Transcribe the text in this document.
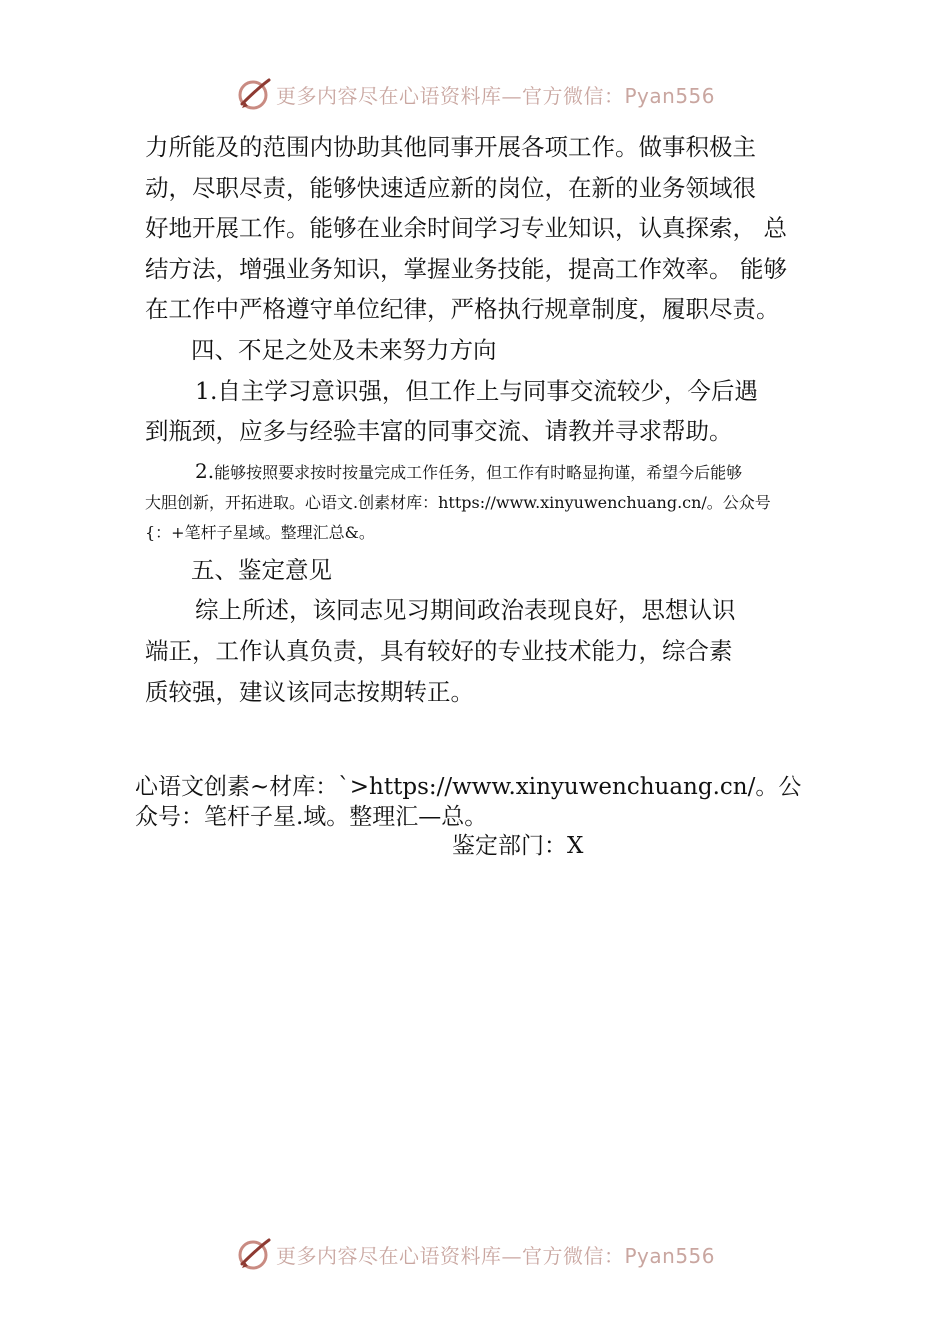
更多内容尽在心语资料库—官方微信：Pyan556

力所能及的范围内协助其他同事开展各项工作。做事积极主

动，尽职尽责，能够快速适应新的岗位，在新的业务领域很

好地开展工作。能够在业余时间学习专业知识，认真探索， 总

结方法，增强业务知识，掌握业务技能，提高工作效率。 能够

在工作中严格遵守单位纪律，严格执行规章制度，履职尽责。

四、不足之处及未来努力方向

1.自主学习意识强，但工作上与同事交流较少，今后遇

到瓶颈，应多与经验丰富的同事交流、请教并寻求帮助。

2.能够按照要求按时按量完成工作任务，但工作有时略显拘谨，希望今后能够

大胆创新，开拓进取。心语文.创素材库：https://www.xinyuwenchuang.cn/。公众号

{：+笔杆子星域。整理汇总&。

五、鉴定意见

综上所述，该同志见习期间政治表现良好，思想认识

端正，工作认真负责，具有较好的专业技术能力，综合素

质较强，建议该同志按期转正。

心语文创素~材库：`>https://www.xinyuwenchuang.cn/。公

众号：笔杆子星.域。整理汇—总。

鉴定部门：X

更多内容尽在心语资料库—官方微信：Pyan556
